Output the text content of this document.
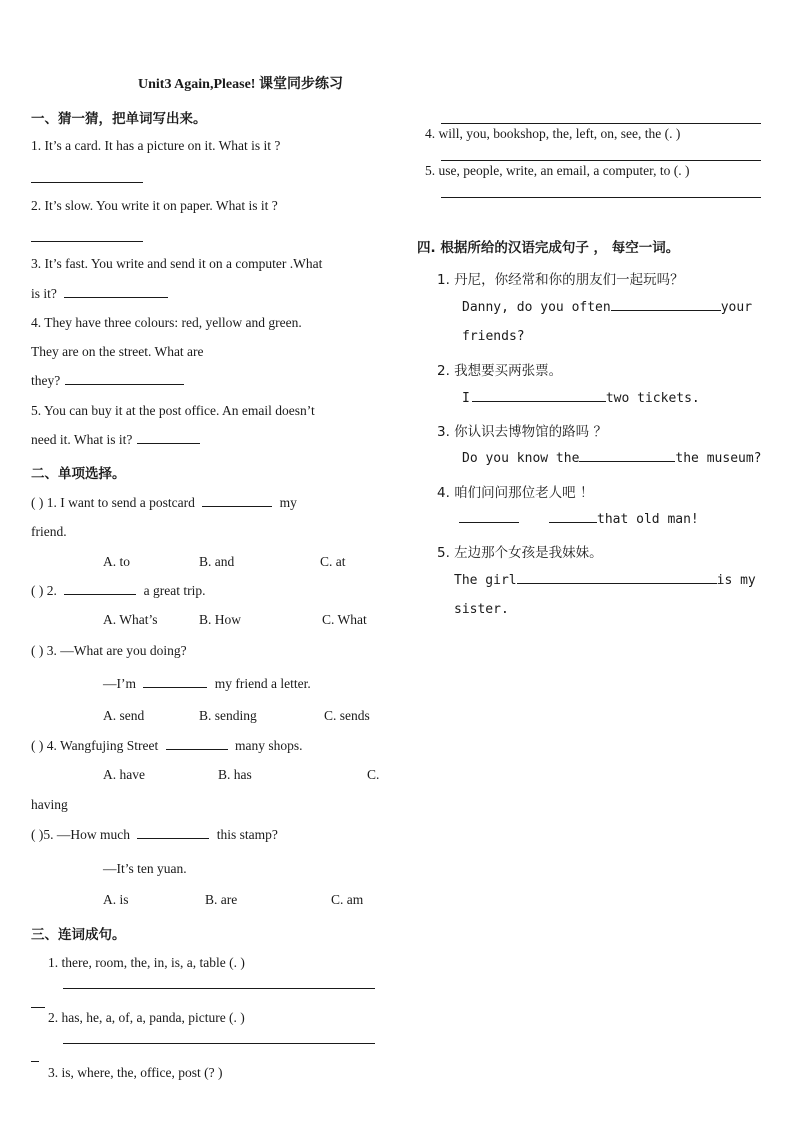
Unit3 Again,Please! 课堂同步练习
一、猜一猜，把单词写出来。
1. It’s a card. It has a picture on it. What is it ?
2. It’s slow. You write it on paper. What is it ?
3. It’s fast. You write and send it on a computer .What
is it?
4. They have three colours: red, yellow and green.
They are on the street. What are
they?
5. You can buy it at the post office. An email doesn’t
need it. What is it?
二、单项选择。
( ) 1. I want to send a postcard	my
friend.
A. to	B. and	C. at
( ) 2.	a great trip.
A. What’s	B. How	C. What
( ) 3. —What are you doing?
—I’m	my friend a letter.
A. send	B. sending	C. sends
( ) 4. Wangfujing Street	many shops.
A. have	B. has	C.
having
( )5. —How much	this stamp?
—It’s ten yuan.
A. is	B. are	C. am
三、连词成句。
1. there, room, the, in, is, a, table (. )
2. has, he, a, of, a, panda, picture (. )
3. is, where, the, office, post (? )
4. will, you, bookshop, the, left, on, see, the (. )
5. use, people, write, an email, a computer, to (. )
四. 根据所给的汉语完成句子 ， 每空一词。
1. 丹尼，你经常和你的朋友们一起玩吗？
Danny, do you often	your
friends?
2. 我想要买两张票。
I	two tickets.
3. 你认识去博物馆的路吗 ？
Do you know the	the museum?
4. 咱们问问那位老人吧 ！
that old man!
5. 左边那个女孩是我妹妹。
The girl	is my
sister.
